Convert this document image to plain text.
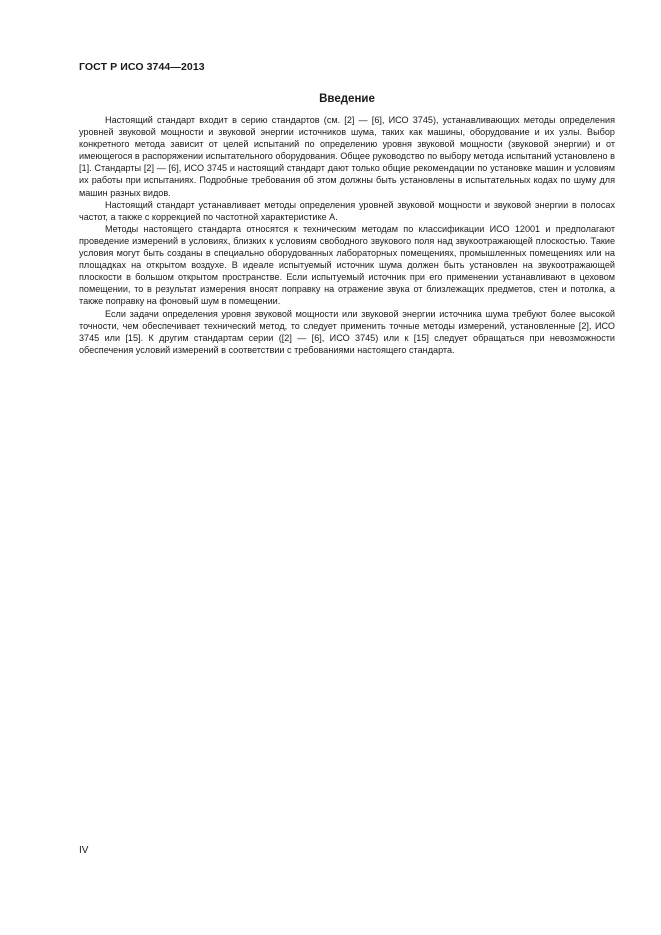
ГОСТ Р ИСО 3744—2013
Введение

Настоящий стандарт входит в серию стандартов (см. [2] — [6], ИСО 3745), устанавливающих методы определения уровней звуковой мощности и звуковой энергии источников шума, таких как машины, оборудование и их узлы. Выбор конкретного метода зависит от целей испытаний по определению уровня звуковой мощности (звуковой энергии) и от имеющегося в распоряжении испытательного оборудования. Общее руководство по выбору метода испытаний установлено в [1]. Стандарты [2] — [6], ИСО 3745 и настоящий стандарт дают только общие рекомендации по установке машин и условиям их работы при испытаниях. Подробные требования об этом должны быть установлены в испытательных кодах по шуму для машин разных видов.

Настоящий стандарт устанавливает методы определения уровней звуковой мощности и звуковой энергии в полосах частот, а также с коррекцией по частотной характеристике A.

Методы настоящего стандарта относятся к техническим методам по классификации ИСО 12001 и предполагают проведение измерений в условиях, близких к условиям свободного звукового поля над звукоотражающей плоскостью. Такие условия могут быть созданы в специально оборудованных лабораторных помещениях, промышленных помещениях или на площадках на открытом воздухе. В идеале испытуемый источник шума должен быть установлен на звукоотражающей плоскости в большом открытом пространстве. Если испытуемый источник при его применении устанавливают в цеховом помещении, то в результат измерения вносят поправку на отражение звука от близлежащих предметов, стен и потолка, а также поправку на фоновый шум в помещении.

Если задачи определения уровня звуковой мощности или звуковой энергии источника шума требуют более высокой точности, чем обеспечивает технический метод, то следует применить точные методы измерений, установленные [2], ИСО 3745 или [15]. К другим стандартам серии ([2] — [6], ИСО 3745) или к [15] следует обращаться при невозможности обеспечения условий измерений в соответствии с требованиями настоящего стандарта.

IV
